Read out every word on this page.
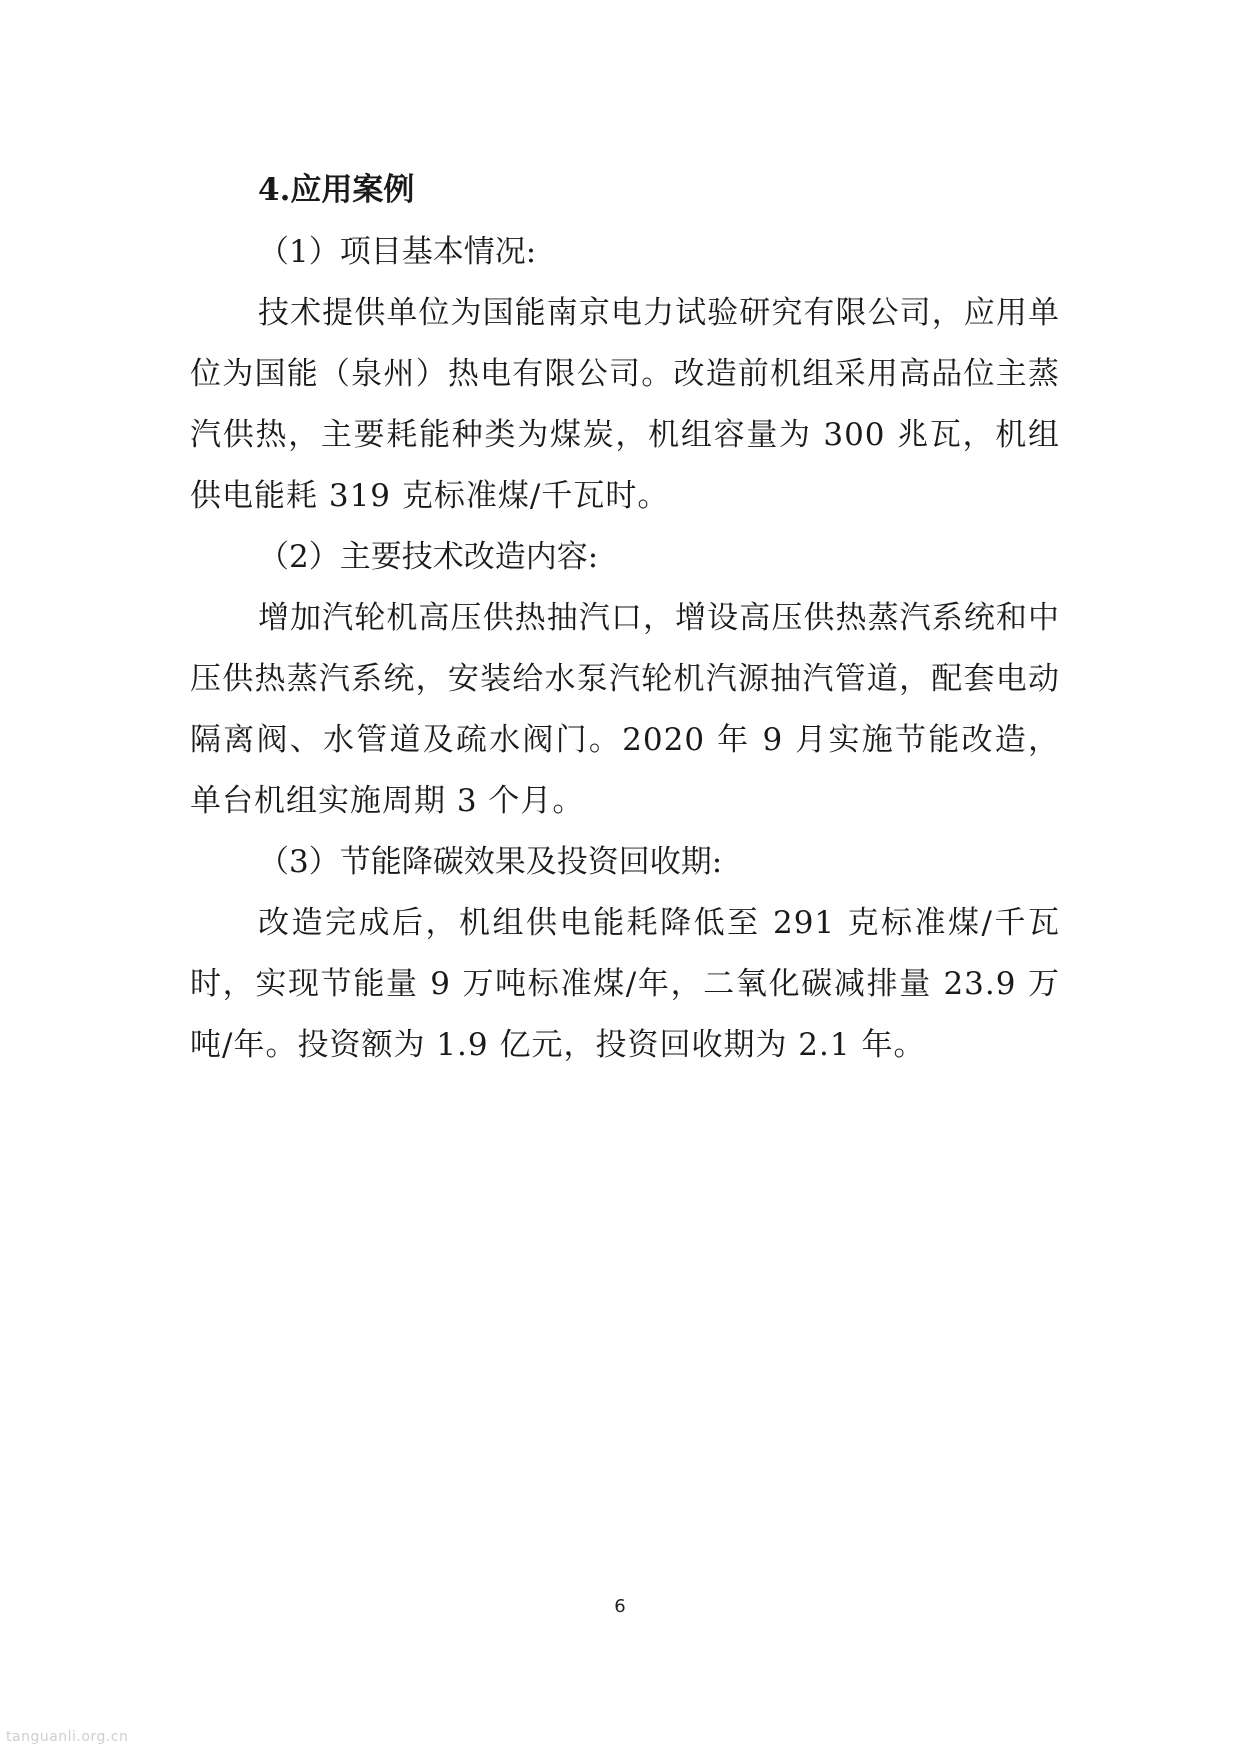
4.应用案例

（1）项目基本情况:

技术提供单位为国能南京电力试验研究有限公司，应用单位为国能（泉州）热电有限公司。改造前机组采用高品位主蒸汽供热，主要耗能种类为煤炭，机组容量为 300 兆瓦，机组供电能耗 319 克标准煤/千瓦时。

（2）主要技术改造内容:

增加汽轮机高压供热抽汽口，增设高压供热蒸汽系统和中压供热蒸汽系统，安装给水泵汽轮机汽源抽汽管道，配套电动隔离阀、水管道及疏水阀门。2020 年 9 月实施节能改造，单台机组实施周期 3 个月。

（3）节能降碳效果及投资回收期:

改造完成后，机组供电能耗降低至 291 克标准煤/千瓦时，实现节能量 9 万吨标准煤/年，二氧化碳减排量 23.9 万吨/年。投资额为 1.9 亿元，投资回收期为 2.1 年。

6
tanguanli.org.cn
